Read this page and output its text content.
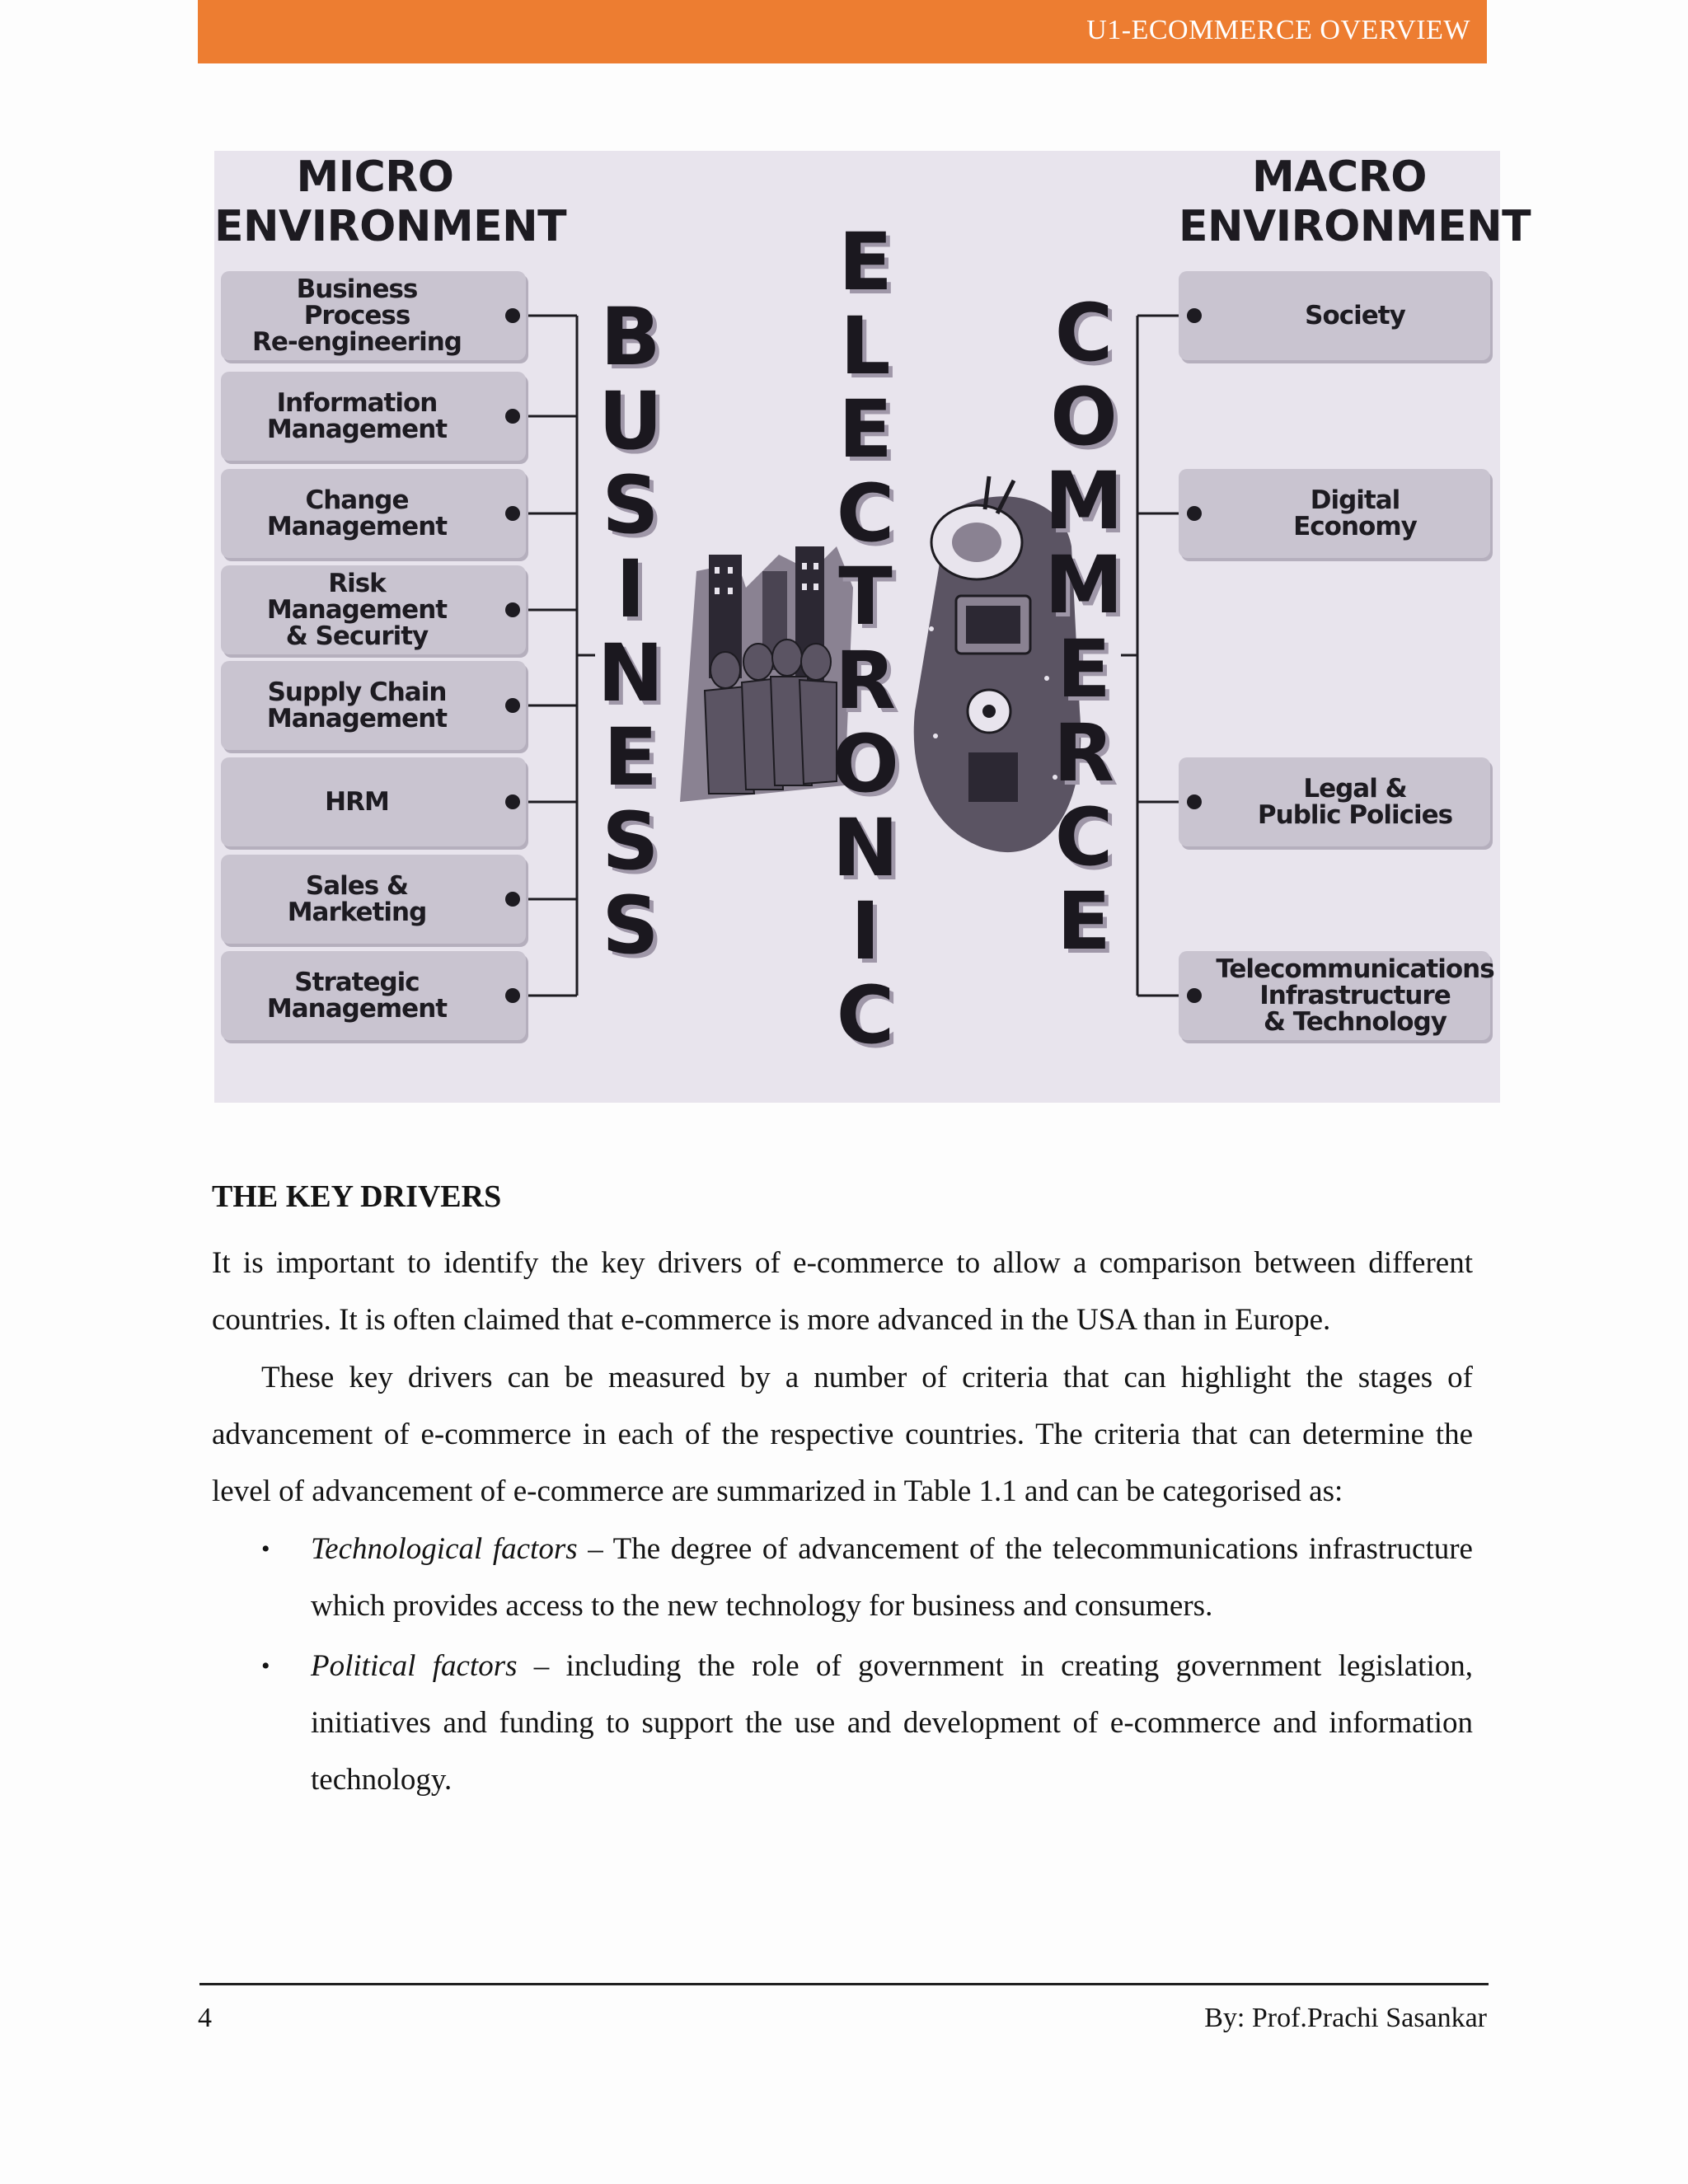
U1-ECOMMERCE OVERVIEW
MICRO
ENVIRONMENT
MACRO
ENVIRONMENT
Business
Process
Re-engineering
Information
Management
Change
Management
Risk
Management
& Security
Supply Chain
Management
HRM
Sales &
Marketing
Strategic
Management
Society
Digital
Economy
Legal &
Public Policies
Telecommunications
Infrastructure
& Technology
B
U
S
I
N
E
S
S
E
L
E
C
T
R
O
N
I
C
C
O
M
M
E
R
C
E
THE KEY DRIVERS
It is important to identify the key drivers of e-commerce to allow a comparison between different countries. It is often claimed that e-commerce is more advanced in the USA than in Europe.
These key drivers can be measured by a number of criteria that can highlight the stages of advancement of e-commerce in each of the respective countries. The criteria that can determine the level of advancement of e-commerce are summarized in Table 1.1 and can be categorised as:
• Technological factors – The degree of advancement of the telecommunications infrastructure which provides access to the new technology for business and consumers.
• Political factors – including the role of government in creating government legislation, initiatives and funding to support the use and development of e-commerce and information technology.
4	By: Prof.Prachi Sasankar
